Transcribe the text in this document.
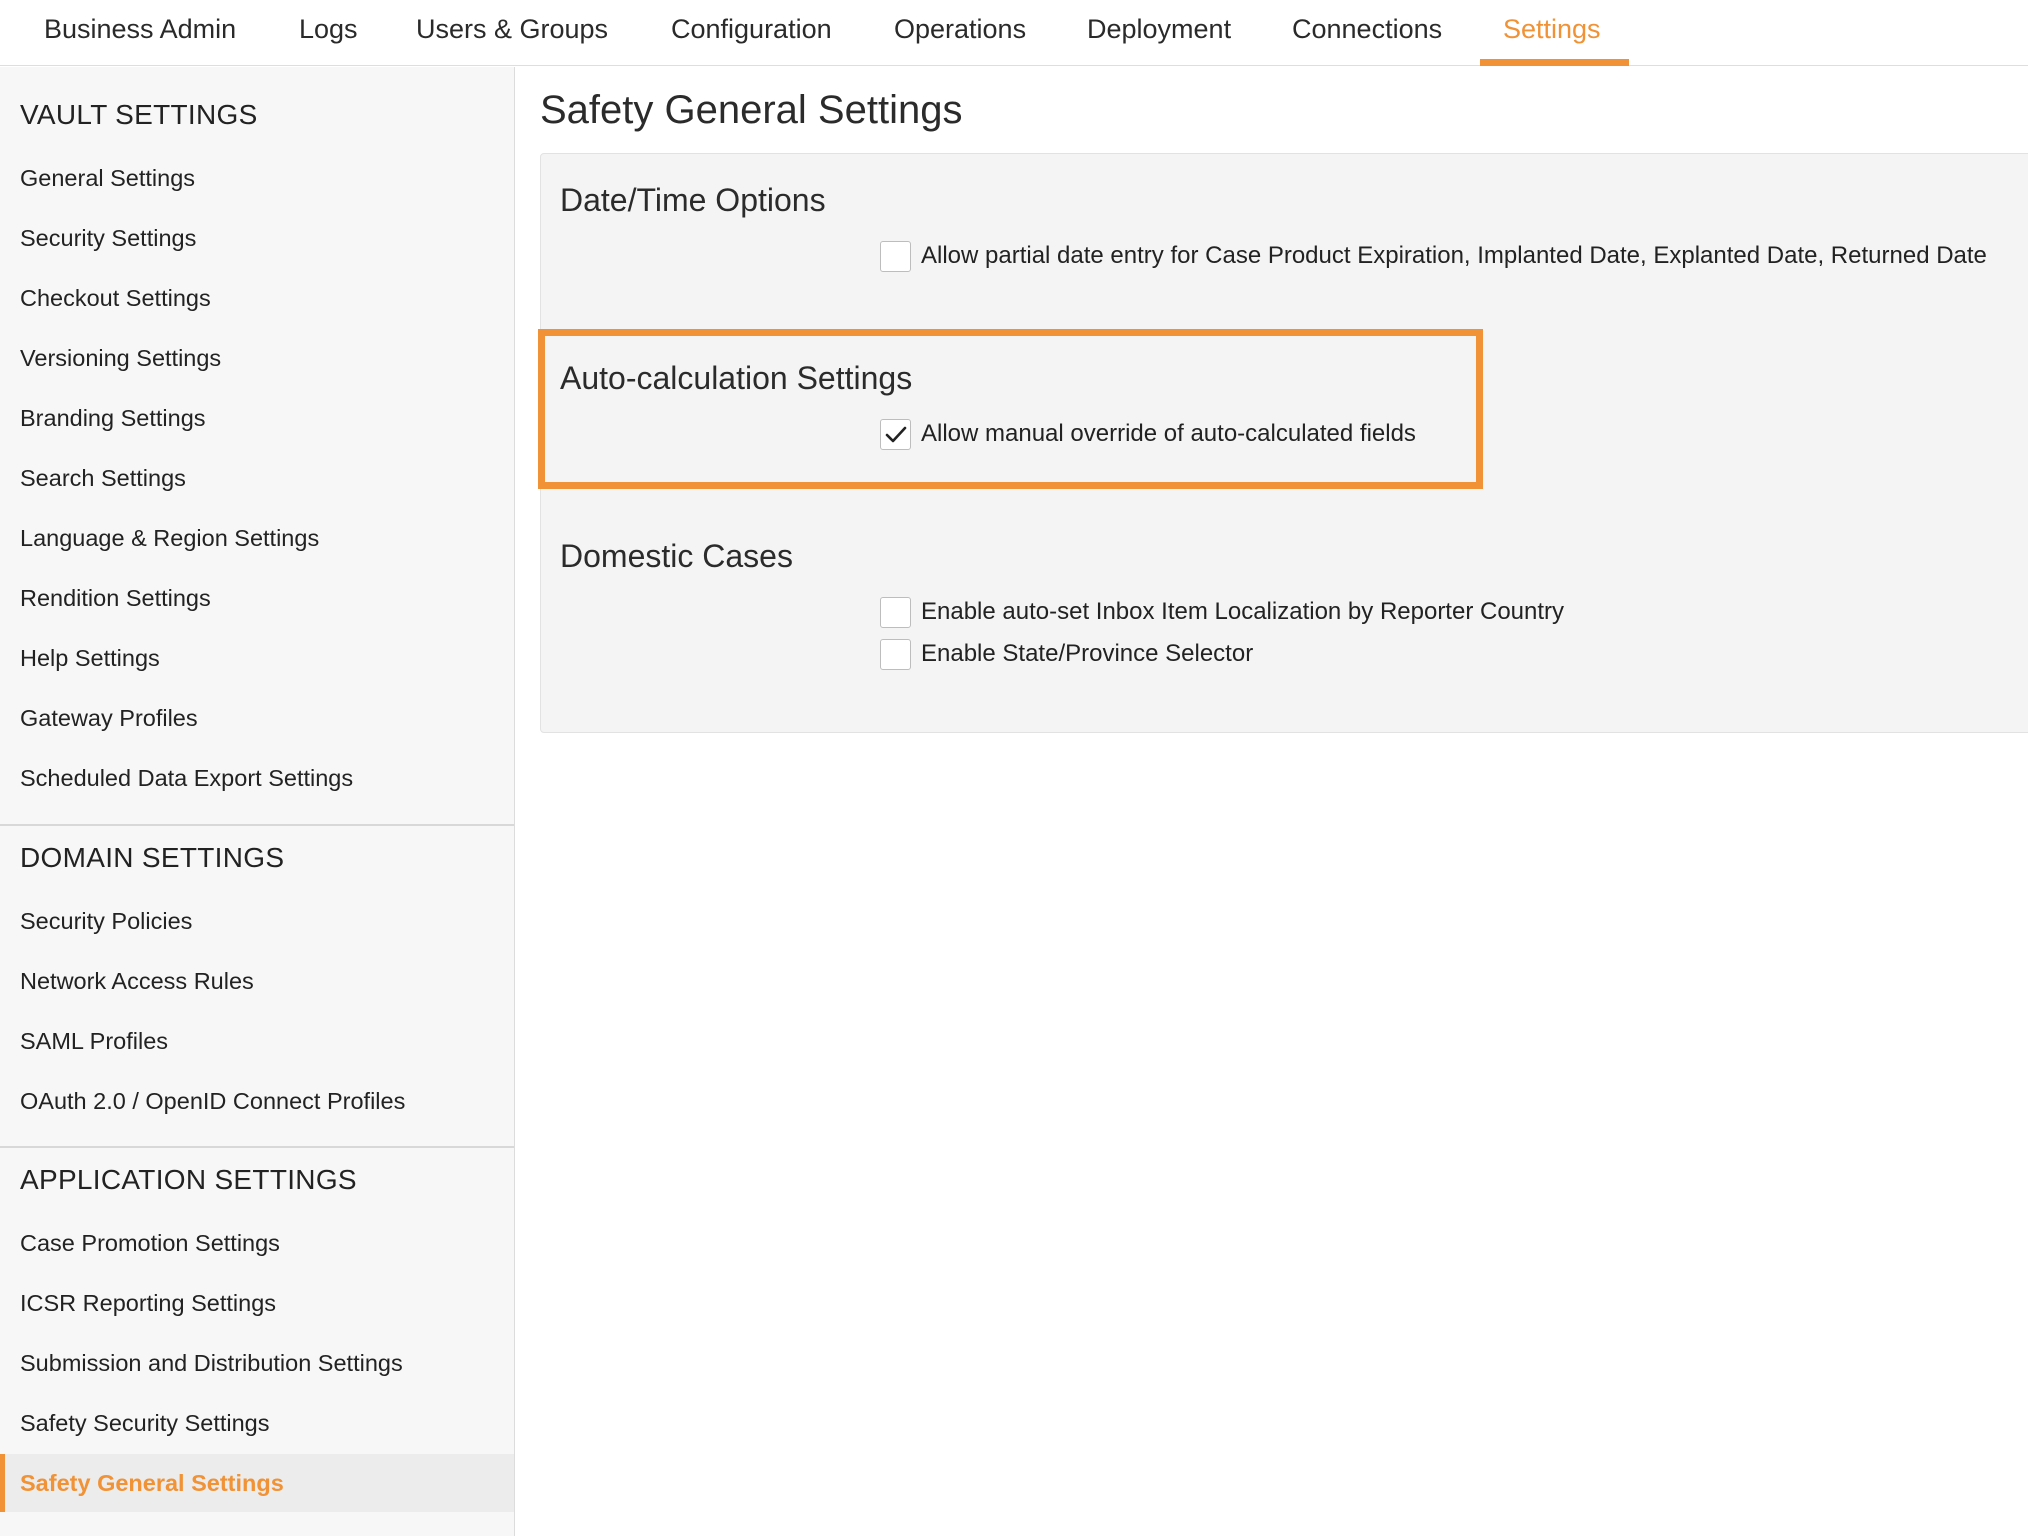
Business Admin Logs Users & Groups Configuration Operations Deployment Connections Settings
VAULT SETTINGS
General Settings
Security Settings
Checkout Settings
Versioning Settings
Branding Settings
Search Settings
Language & Region Settings
Rendition Settings
Help Settings
Gateway Profiles
Scheduled Data Export Settings
DOMAIN SETTINGS
Security Policies
Network Access Rules
SAML Profiles
OAuth 2.0 / OpenID Connect Profiles
APPLICATION SETTINGS
Case Promotion Settings
ICSR Reporting Settings
Submission and Distribution Settings
Safety Security Settings
Safety General Settings
Safety General Settings
Date/Time Options
Allow partial date entry for Case Product Expiration, Implanted Date, Explanted Date, Returned Date
Auto-calculation Settings
Allow manual override of auto-calculated fields
Domestic Cases
Enable auto-set Inbox Item Localization by Reporter Country
Enable State/Province Selector
